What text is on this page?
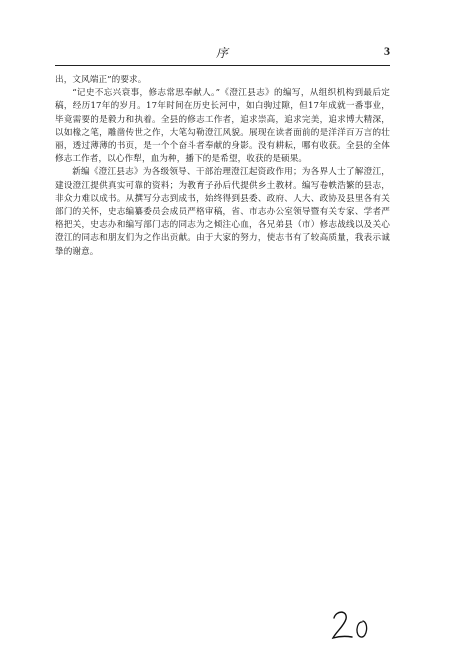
序	3

出，文风端正”的要求。

“记史不忘兴衰事，修志常思奉献人。”《澄江县志》的编写，从组织机构到最后定稿，经历17年的岁月。17年时间在历史长河中，如白驹过隙，但17年成就一番事业，毕竟需要的是毅力和执着。全县的修志工作者，追求崇高，追求完美，追求博大精深，以如椽之笔，雕凿传世之作，大笔勾勒澄江风貌。展现在读者面前的是洋洋百万言的壮丽，透过薄薄的书页，是一个个奋斗者奉献的身影。没有耕耘，哪有收获。全县的全体修志工作者，以心作犁，血为种，播下的是希望，收获的是硕果。

新编《澄江县志》为各级领导、干部治理澄江起资政作用；为各界人士了解澄江，建设澄江提供真实可靠的资料；为教育子孙后代提供乡土教材。编写卷帙浩繁的县志，非众力难以成书。从撰写分志到成书，始终得到县委、政府、人大、政协及县里各有关部门的关怀，史志编纂委员会成员严格审稿，省、市志办公室领导暨有关专家、学者严格把关，史志办和编写部门志的同志为之倾注心血，各兄弟县（市）修志战线以及关心澄江的同志和朋友们为之作出贡献。由于大家的努力，使志书有了较高质量，我表示诚挚的谢意。
